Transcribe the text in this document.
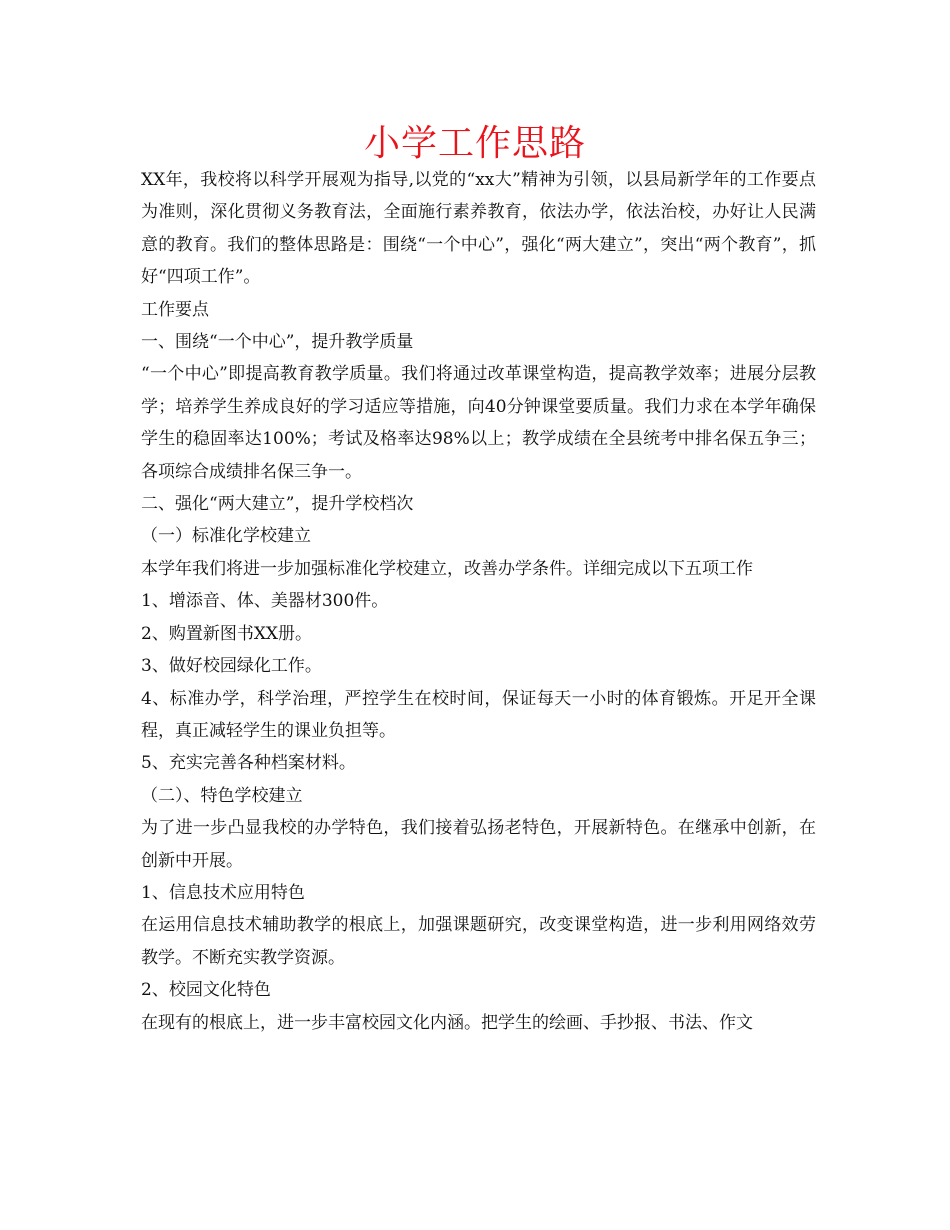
小学工作思路

XX年，我校将以科学开展观为指导,以党的“xx大”精神为引领，以县局新学年的工作要点为准则，深化贯彻义务教育法，全面施行素养教育，依法办学，依法治校，办好让人民满意的教育。我们的整体思路是：围绕“一个中心”，强化“两大建立”，突出“两个教育”，抓好“四项工作”。

工作要点

一、围绕“一个中心”，提升教学质量

“一个中心”即提高教育教学质量。我们将通过改革课堂构造，提高教学效率；进展分层教学；培养学生养成良好的学习适应等措施，向40分钟课堂要质量。我们力求在本学年确保学生的稳固率达100%；考试及格率达98%以上；教学成绩在全县统考中排名保五争三；各项综合成绩排名保三争一。

二、强化“两大建立”，提升学校档次

（一）标准化学校建立

本学年我们将进一步加强标准化学校建立，改善办学条件。详细完成以下五项工作

1、增添音、体、美器材300件。

2、购置新图书XX册。

3、做好校园绿化工作。

4、标准办学，科学治理，严控学生在校时间，保证每天一小时的体育锻炼。开足开全课程，真正减轻学生的课业负担等。

5、充实完善各种档案材料。

（二）、特色学校建立

为了进一步凸显我校的办学特色，我们接着弘扬老特色，开展新特色。在继承中创新，在创新中开展。

1、信息技术应用特色

在运用信息技术辅助教学的根底上，加强课题研究，改变课堂构造，进一步利用网络效劳教学。不断充实教学资源。

2、校园文化特色

在现有的根底上，进一步丰富校园文化内涵。把学生的绘画、手抄报、书法、作文
